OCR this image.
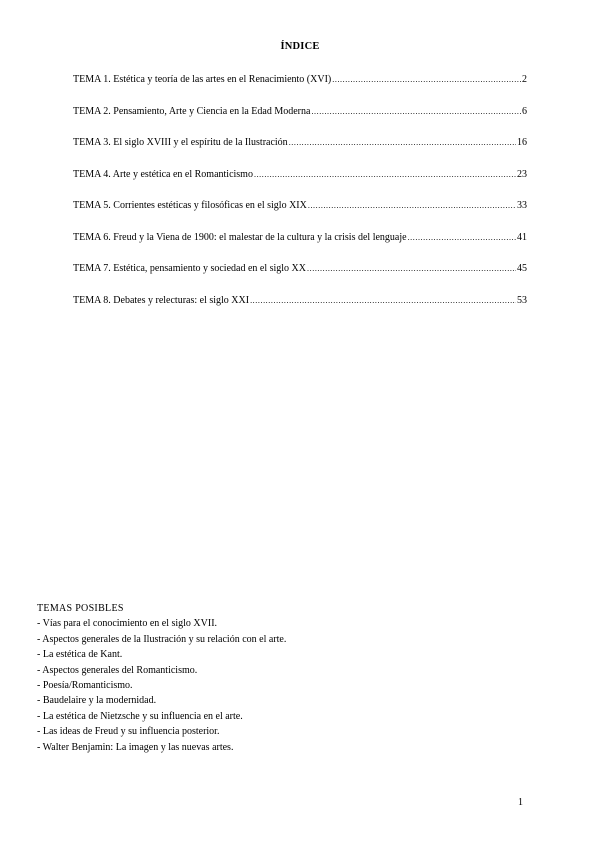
ÍNDICE
TEMA 1. Estética y teoría de las artes en el Renacimiento (XVI) .....	2
TEMA 2. Pensamiento, Arte y Ciencia en la Edad Moderna .....	6
TEMA 3. El siglo XVIII y el espíritu de la Ilustración .....	16
TEMA 4. Arte y estética en el Romanticismo .....	23
TEMA 5. Corrientes estéticas y filosóficas en el siglo XIX .....	33
TEMA 6. Freud y la Viena de 1900: el malestar de la cultura y la crisis del lenguaje .....	41
TEMA 7. Estética, pensamiento y sociedad en el siglo XX .....	45
TEMA 8. Debates y relecturas: el siglo XXI .....	53
TEMAS POSIBLES
- Vías para el conocimiento en el siglo XVII.
- Aspectos generales de la Ilustración y su relación con el arte.
- La estética de Kant.
- Aspectos generales del Romanticismo.
- Poesía/Romanticismo.
- Baudelaire y la modernidad.
- La estética de Nietzsche y su influencia en el arte.
- Las ideas de Freud y su influencia posterior.
- Walter Benjamin: La imagen y las nuevas artes.
1
